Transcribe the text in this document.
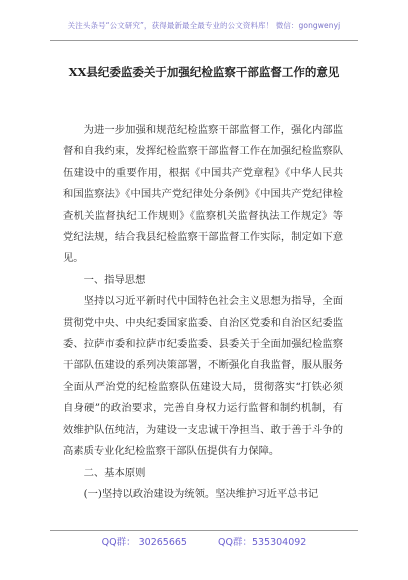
关注头条号“公文研究”，获得最新最全最专业的公文资料库！ 微信：gongwenyj
XX县纪委监委关于加强纪检监察干部监督工作的意见

为进一步加强和规范纪检监察干部监督工作，强化内部监督和自我约束，发挥纪检监察干部监督工作在加强纪检监察队伍建设中的重要作用，根据《中国共产党章程》《中华人民共和国监察法》《中国共产党纪律处分条例》《中国共产党纪律检查机关监督执纪工作规则》《监察机关监督执法工作规定》等党纪法规，结合我县纪检监察干部监督工作实际，制定如下意见。

一、指导思想

坚持以习近平新时代中国特色社会主义思想为指导，全面贯彻党中央、中央纪委国家监委、自治区党委和自治区纪委监委、拉萨市委和拉萨市纪委监委、县委关于全面加强纪检监察干部队伍建设的系列决策部署，不断强化自我监督，服从服务全面从严治党的纪检监察队伍建设大局，贯彻落实“打铁必须自身硬”的政治要求，完善自身权力运行监督和制约机制，有效维护队伍纯洁，为建设一支忠诚干净担当、敢于善于斗争的高素质专业化纪检监察干部队伍提供有力保障。

二、基本原则

(一)坚持以政治建设为统领。坚决维护习近平总书记

QQ群： 30265665	QQ群：535304092
